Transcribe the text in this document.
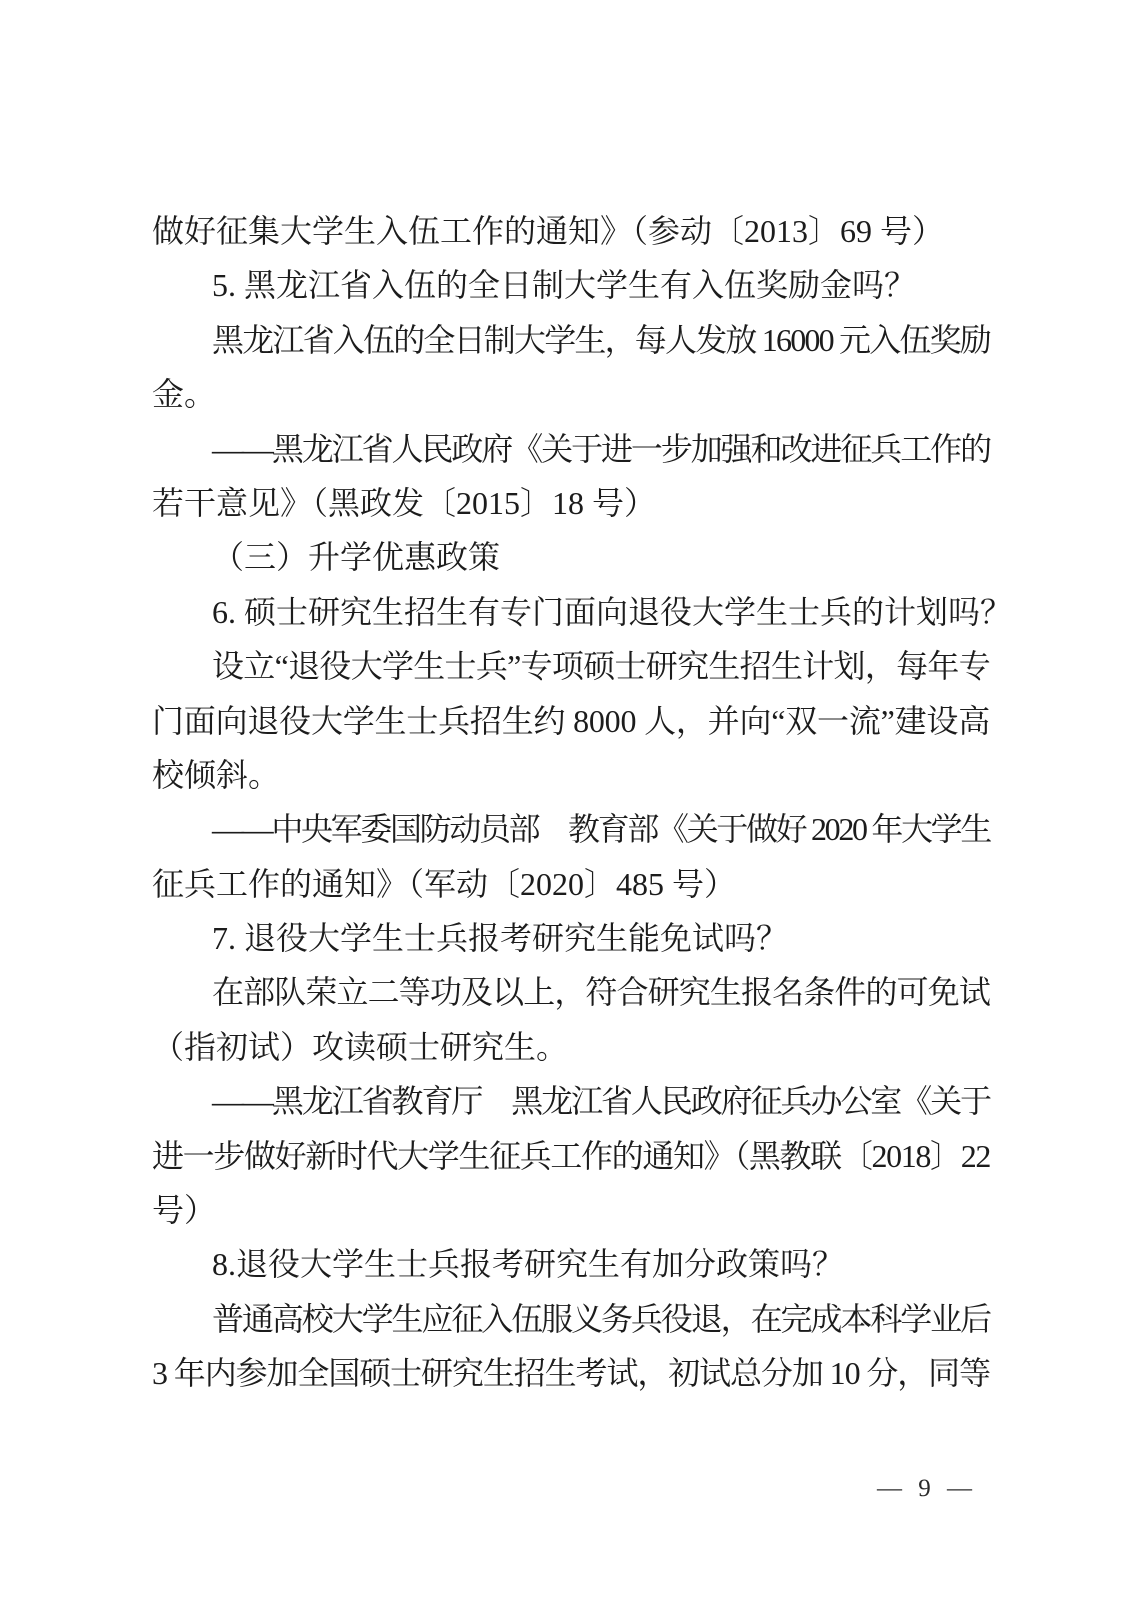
做好征集大学生入伍工作的通知》（参动〔2013〕69 号）
5. 黑龙江省入伍的全日制大学生有入伍奖励金吗？
黑龙江省入伍的全日制大学生，每人发放 16000 元入伍奖励
金。
——黑龙江省人民政府《关于进一步加强和改进征兵工作的
若干意见》（黑政发〔2015〕18 号）
（三）升学优惠政策
6. 硕士研究生招生有专门面向退役大学生士兵的计划吗？
设立“退役大学生士兵”专项硕士研究生招生计划，每年专
门面向退役大学生士兵招生约 8000 人，并向“双一流”建设高
校倾斜。
——中央军委国防动员部　教育部《关于做好 2020 年大学生
征兵工作的通知》（军动〔2020〕485 号）
7. 退役大学生士兵报考研究生能免试吗？
在部队荣立二等功及以上，符合研究生报名条件的可免试
（指初试）攻读硕士研究生。
——黑龙江省教育厅　黑龙江省人民政府征兵办公室《关于
进一步做好新时代大学生征兵工作的通知》（黑教联〔2018〕22
号）
8.退役大学生士兵报考研究生有加分政策吗？
普通高校大学生应征入伍服义务兵役退，在完成本科学业后
3 年内参加全国硕士研究生招生考试，初试总分加 10 分，同等
— 9 —
